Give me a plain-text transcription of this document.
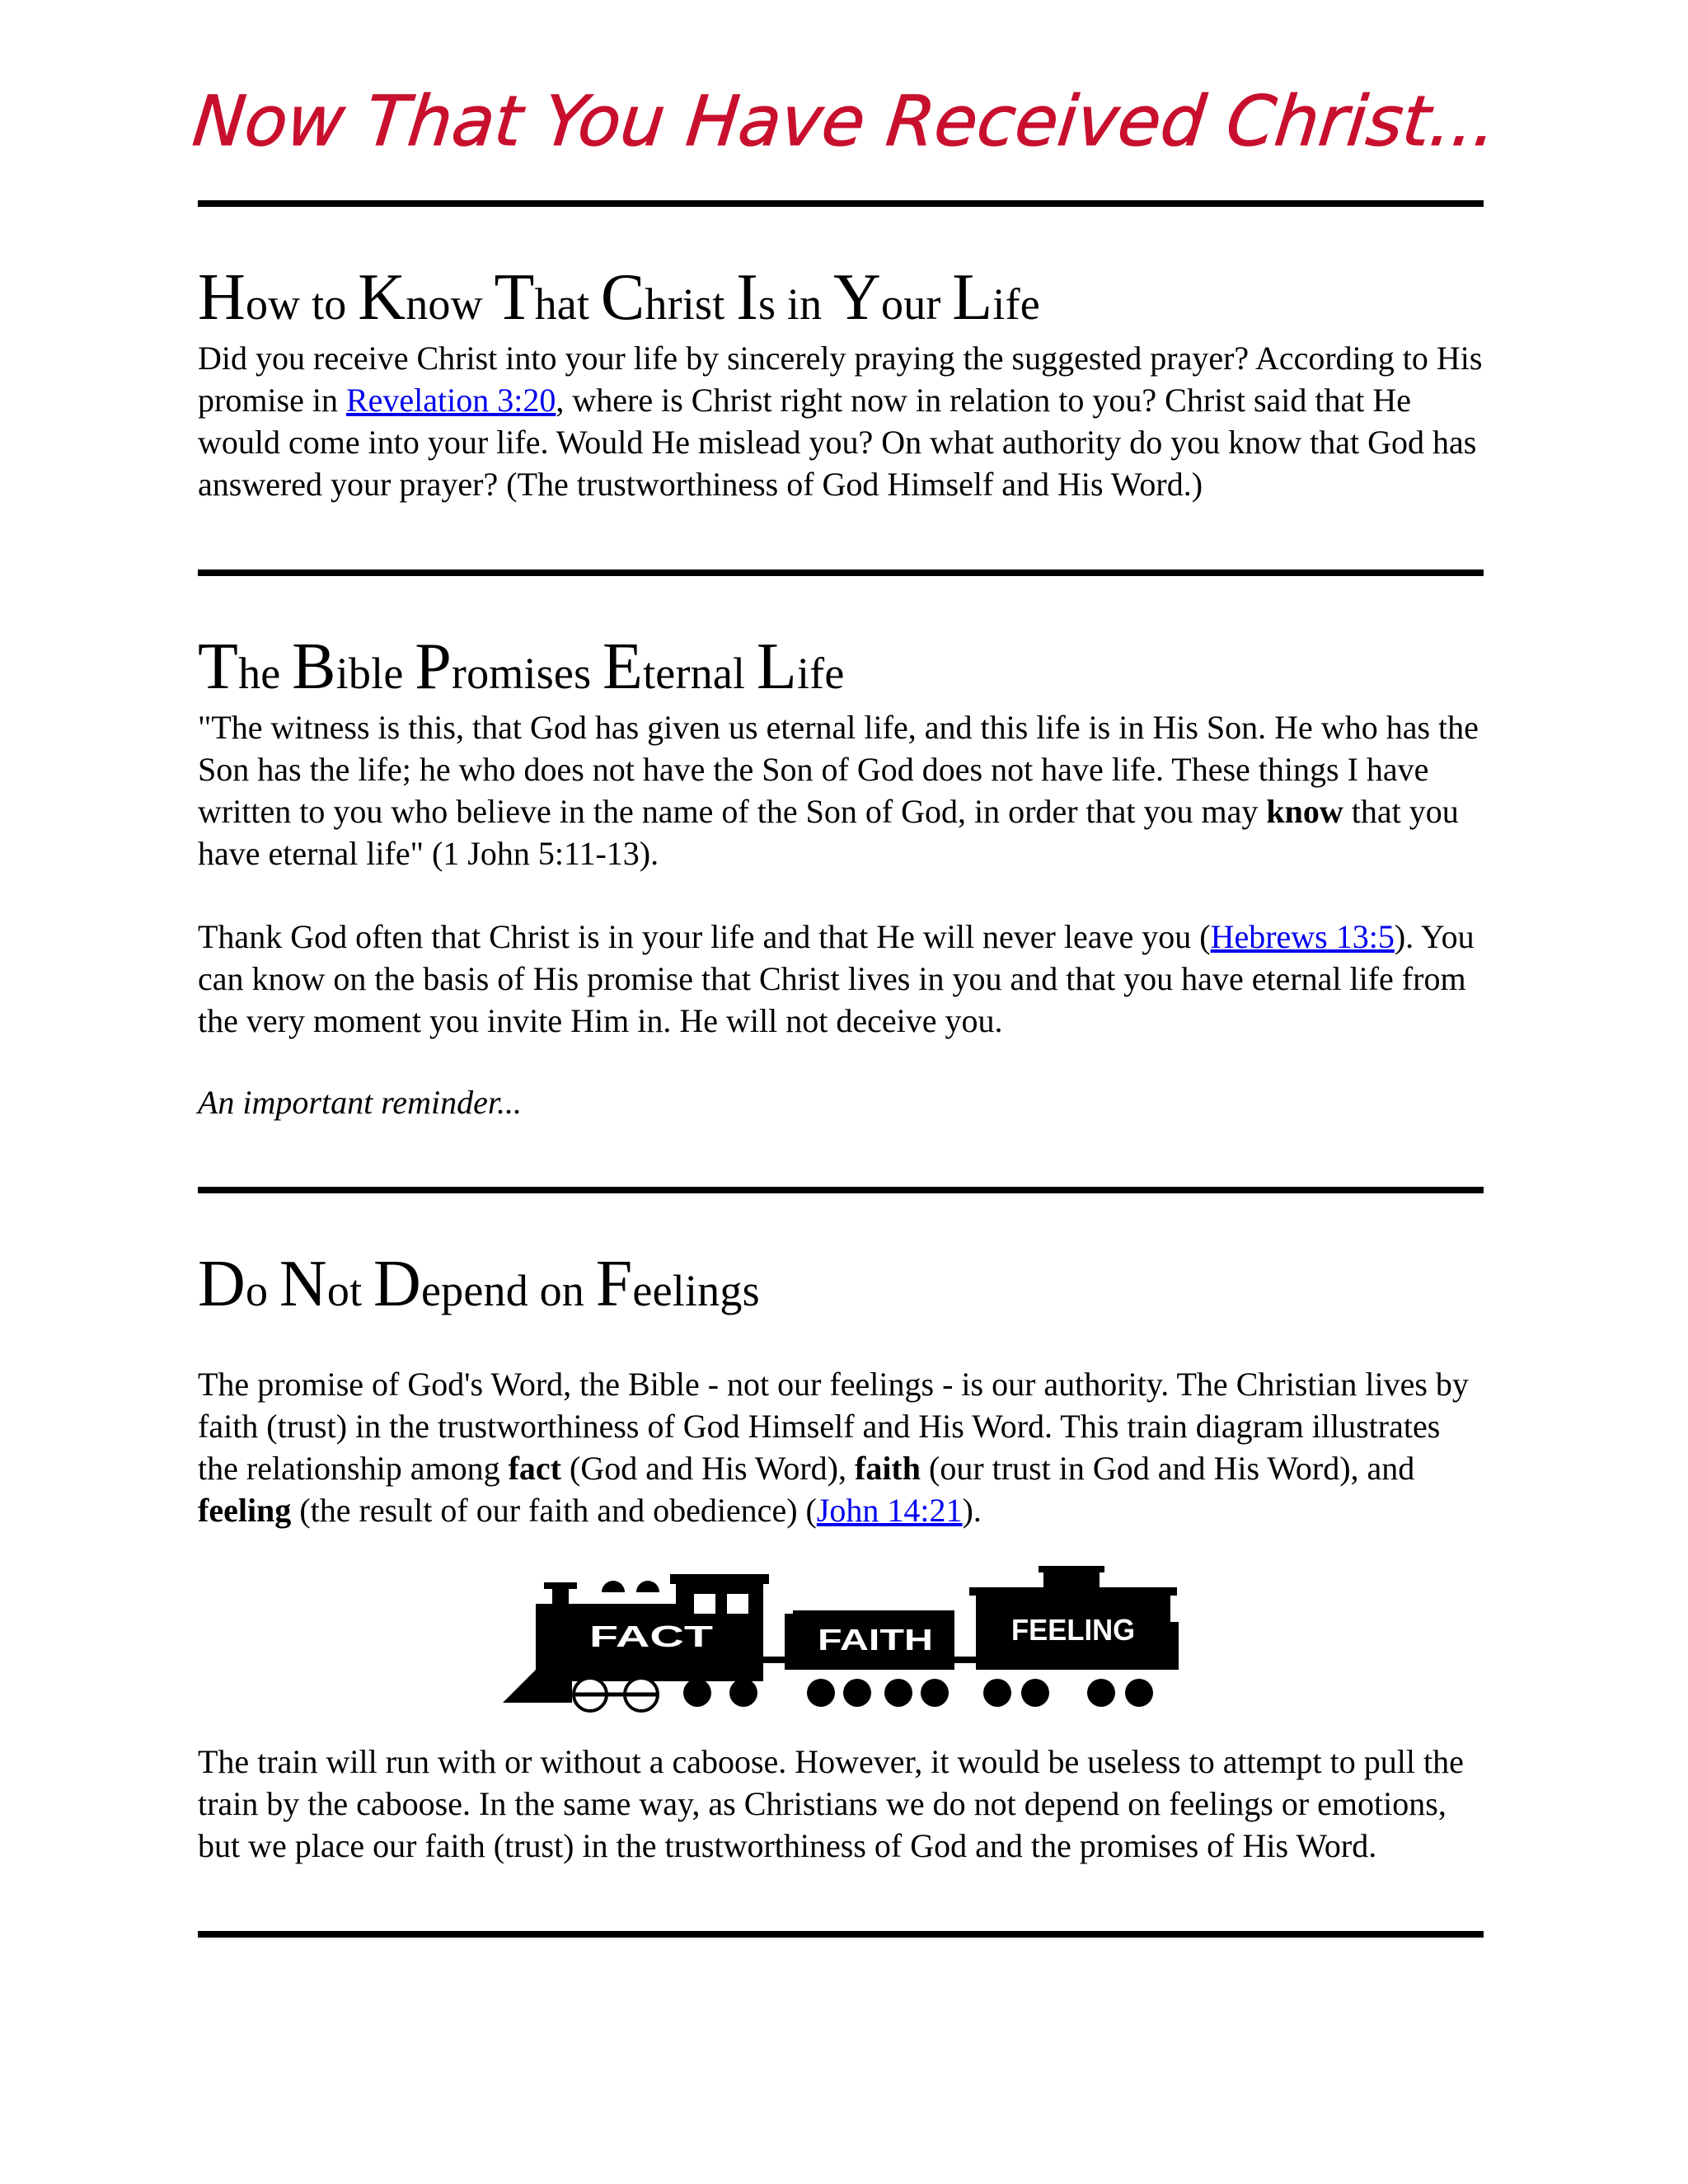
Now That You Have Received Christ...
How to Know That Christ Is in Your Life

Did you receive Christ into your life by sincerely praying the suggested prayer? According to His promise in Revelation 3:20, where is Christ right now in relation to you? Christ said that He would come into your life. Would He mislead you? On what authority do you know that God has answered your prayer? (The trustworthiness of God Himself and His Word.)

The Bible Promises Eternal Life

"The witness is this, that God has given us eternal life, and this life is in His Son. He who has the Son has the life; he who does not have the Son of God does not have life. These things I have written to you who believe in the name of the Son of God, in order that you may know that you have eternal life" (1 John 5:11-13).

Thank God often that Christ is in your life and that He will never leave you (Hebrews 13:5). You can know on the basis of His promise that Christ lives in you and that you have eternal life from the very moment you invite Him in. He will not deceive you.

An important reminder...

Do Not Depend on Feelings

The promise of God's Word, the Bible - not our feelings - is our authority. The Christian lives by faith (trust) in the trustworthiness of God Himself and His Word. This train diagram illustrates the relationship among fact (God and His Word), faith (our trust in God and His Word), and feeling (the result of our faith and obedience) (John 14:21).

FACT	FAITH	FEELING

The train will run with or without a caboose. However, it would be useless to attempt to pull the train by the caboose. In the same way, as Christians we do not depend on feelings or emotions, but we place our faith (trust) in the trustworthiness of God and the promises of His Word.
